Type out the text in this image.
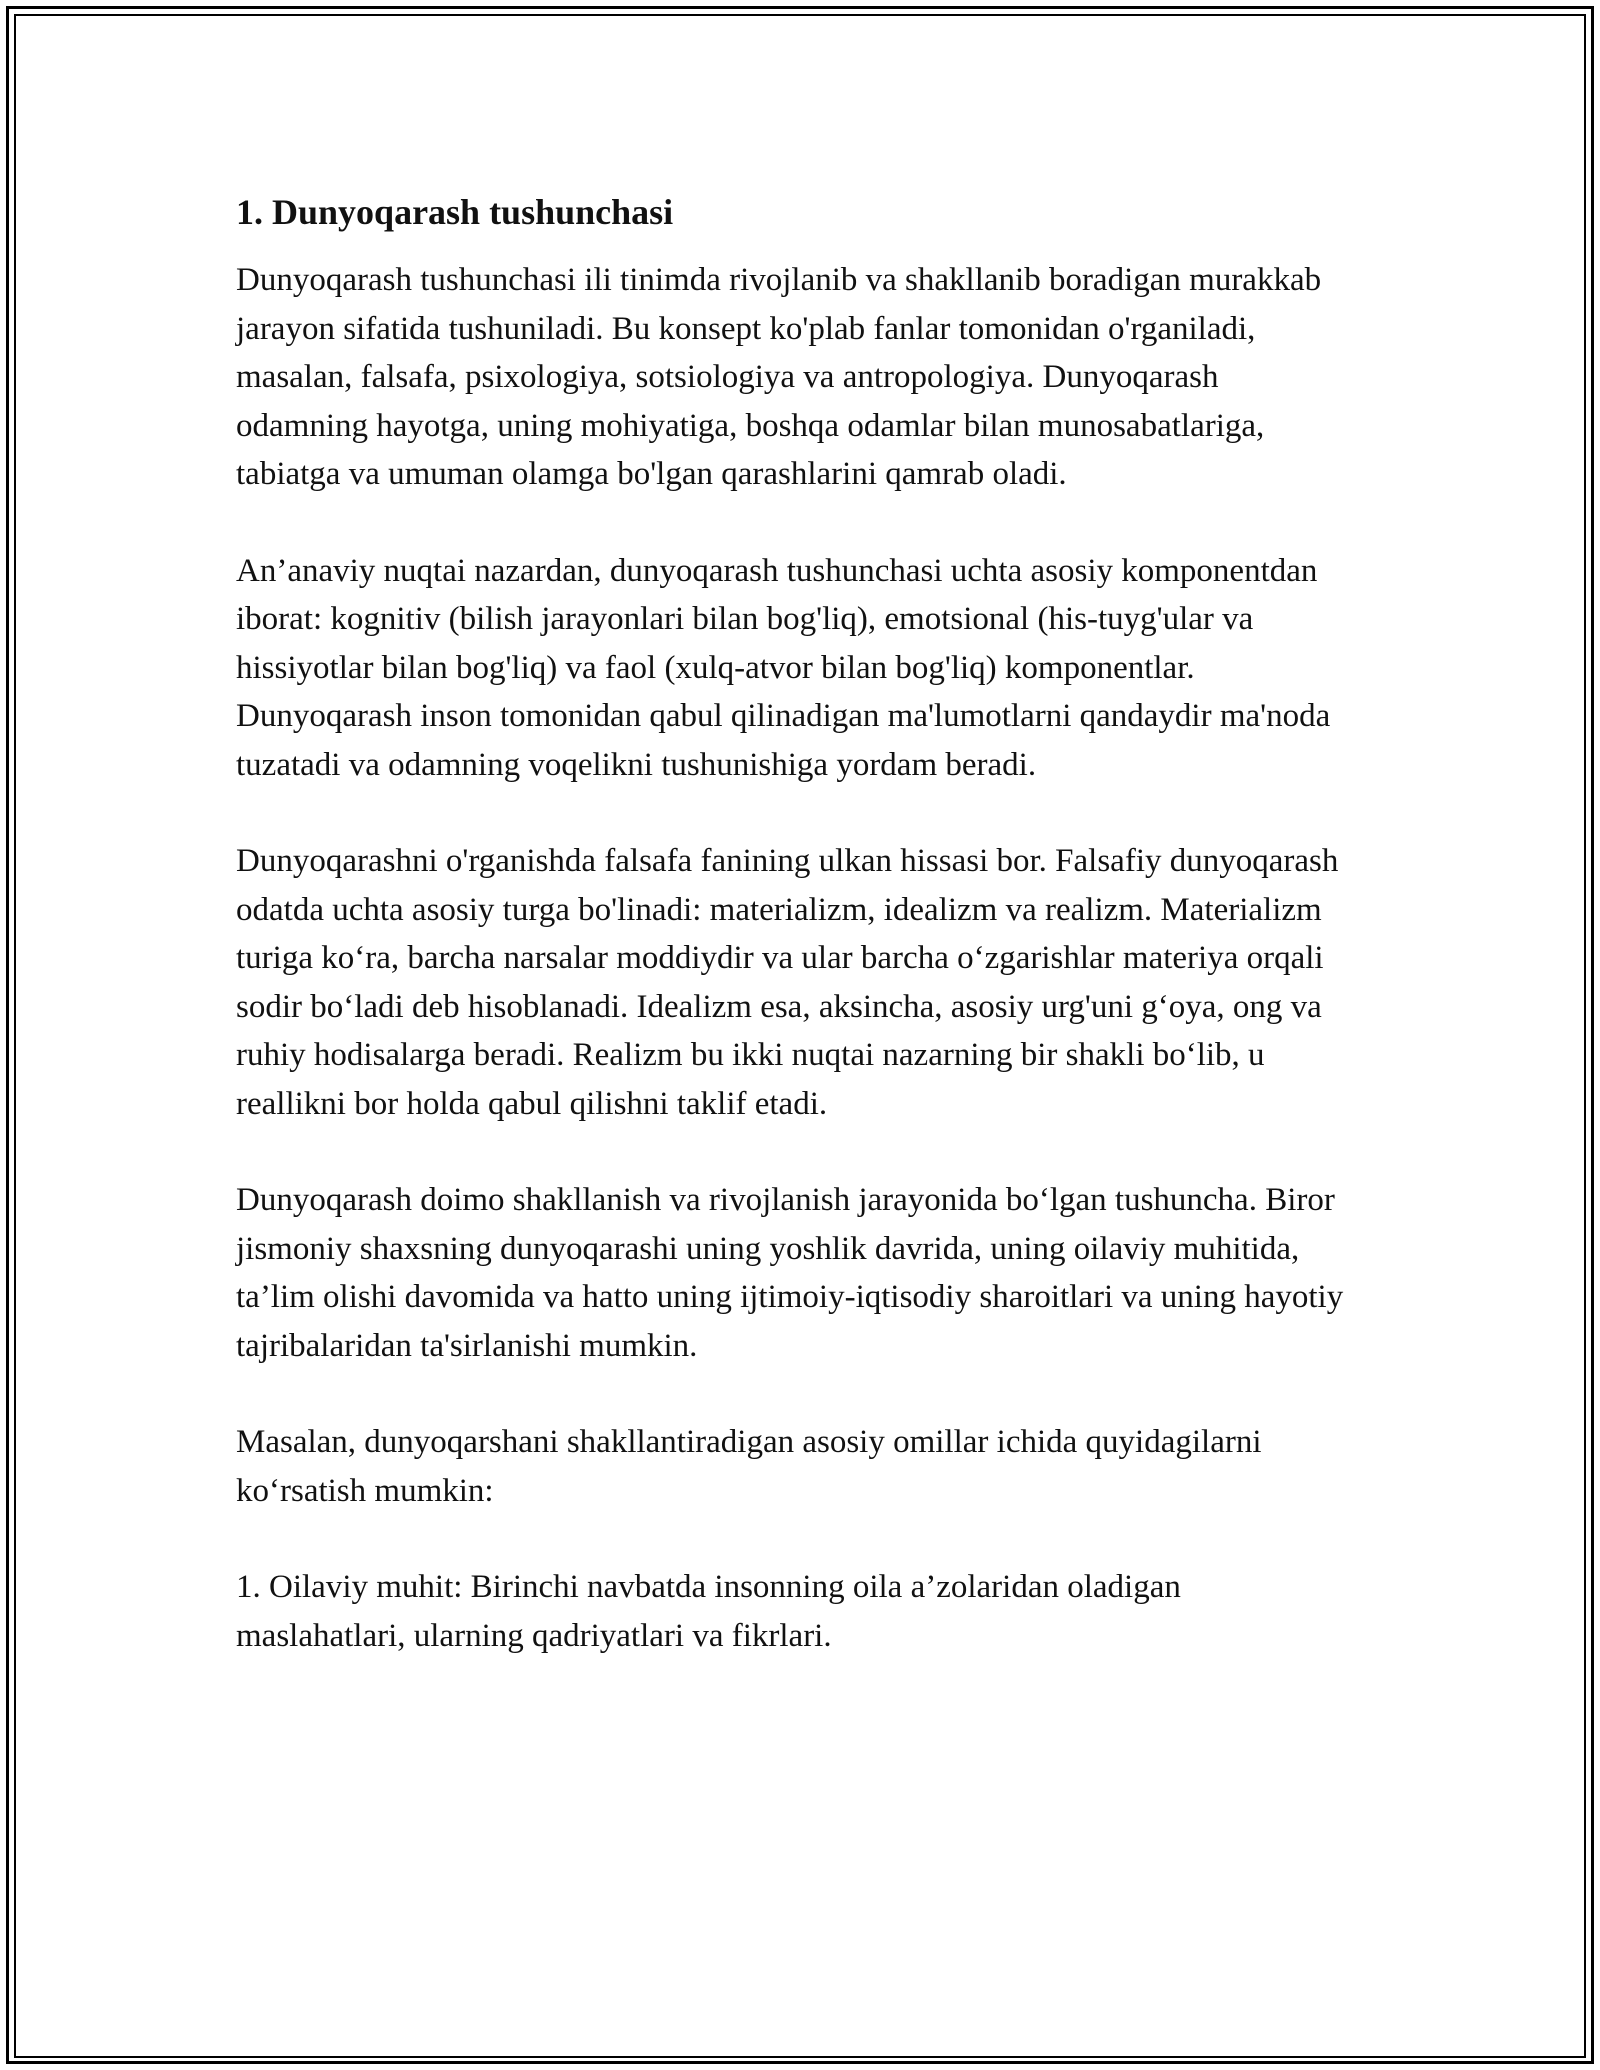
1. Dunyoqarash tushunchasi

Dunyoqarash tushunchasi ili tinimda rivojlanib va shakllanib boradigan murakkab jarayon sifatida tushuniladi. Bu konsept ko'plab fanlar tomonidan o'rganiladi, masalan, falsafa, psixologiya, sotsiologiya va antropologiya. Dunyoqarash odamning hayotga, uning mohiyatiga, boshqa odamlar bilan munosabatlariga, tabiatga va umuman olamga bo'lgan qarashlarini qamrab oladi.

An’anaviy nuqtai nazardan, dunyoqarash tushunchasi uchta asosiy komponentdan iborat: kognitiv (bilish jarayonlari bilan bog'liq), emotsional (his-tuyg'ular va hissiyotlar bilan bog'liq) va faol (xulq-atvor bilan bog'liq) komponentlar. Dunyoqarash inson tomonidan qabul qilinadigan ma'lumotlarni qandaydir ma'noda tuzatadi va odamning voqelikni tushunishiga yordam beradi.

Dunyoqarashni o'rganishda falsafa fanining ulkan hissasi bor. Falsafiy dunyoqarash odatda uchta asosiy turga bo'linadi: materializm, idealizm va realizm. Materializm turiga ko‘ra, barcha narsalar moddiydir va ular barcha o‘zgarishlar materiya orqali sodir bo‘ladi deb hisoblanadi. Idealizm esa, aksincha, asosiy urg'uni g‘oya, ong va ruhiy hodisalarga beradi. Realizm bu ikki nuqtai nazarning bir shakli bo‘lib, u reallikni bor holda qabul qilishni taklif etadi.

Dunyoqarash doimo shakllanish va rivojlanish jarayonida bo‘lgan tushuncha. Biror jismoniy shaxsning dunyoqarashi uning yoshlik davrida, uning oilaviy muhitida, ta’lim olishi davomida va hatto uning ijtimoiy-iqtisodiy sharoitlari va uning hayotiy tajribalaridan ta'sirlanishi mumkin.

Masalan, dunyoqarshani shakllantiradigan asosiy omillar ichida quyidagilarni ko‘rsatish mumkin:

1. Oilaviy muhit: Birinchi navbatda insonning oila a’zolaridan oladigan maslahatlari, ularning qadriyatlari va fikrlari.
